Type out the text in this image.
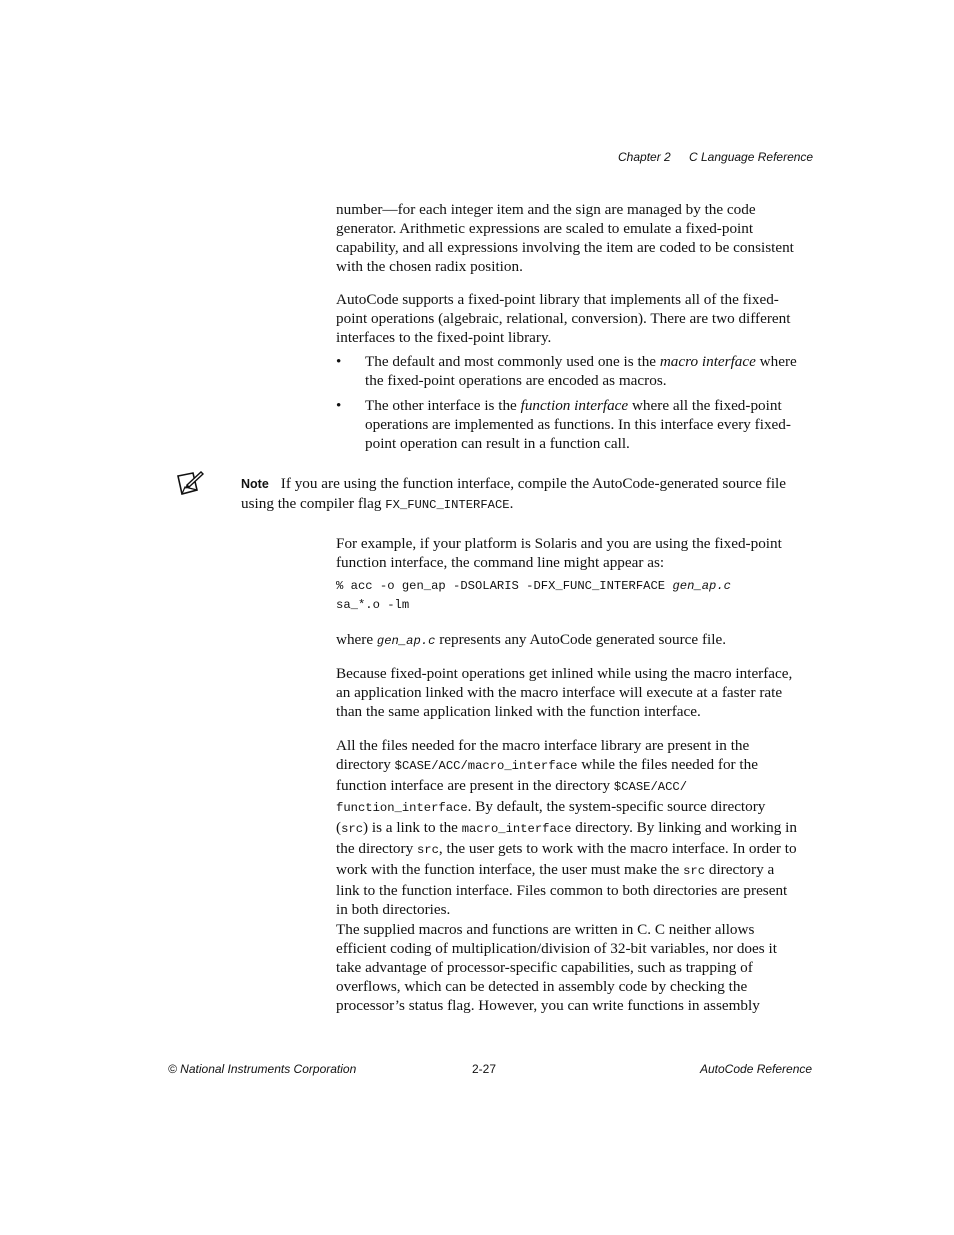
Chapter 2 C Language Reference

number—for each integer item and the sign are managed by the code generator. Arithmetic expressions are scaled to emulate a fixed-point capability, and all expressions involving the item are coded to be consistent with the chosen radix position.

AutoCode supports a fixed-point library that implements all of the fixed-point operations (algebraic, relational, conversion). There are two different interfaces to the fixed-point library.

• The default and most commonly used one is the macro interface where the fixed-point operations are encoded as macros.
• The other interface is the function interface where all the fixed-point operations are implemented as functions. In this interface every fixed-point operation can result in a function call.
Note If you are using the function interface, compile the AutoCode-generated source file using the compiler flag FX_FUNC_INTERFACE.

For example, if your platform is Solaris and you are using the fixed-point function interface, the command line might appear as:

% acc -o gen_ap -DSOLARIS -DFX_FUNC_INTERFACE gen_ap.c
sa_*.o -lm

where gen_ap.c represents any AutoCode generated source file.

Because fixed-point operations get inlined while using the macro interface, an application linked with the macro interface will execute at a faster rate than the same application linked with the function interface.

All the files needed for the macro interface library are present in the directory $CASE/ACC/macro_interface while the files needed for the function interface are present in the directory $CASE/ACC/
function_interface. By default, the system-specific source directory (src) is a link to the macro_interface directory. By linking and working in the directory src, the user gets to work with the macro interface. In order to work with the function interface, the user must make the src directory a link to the function interface. Files common to both directories are present in both directories.

The supplied macros and functions are written in C. C neither allows efficient coding of multiplication/division of 32-bit variables, nor does it take advantage of processor-specific capabilities, such as trapping of overflows, which can be detected in assembly code by checking the processor’s status flag. However, you can write functions in assembly

© National Instruments Corporation	2-27	AutoCode Reference
